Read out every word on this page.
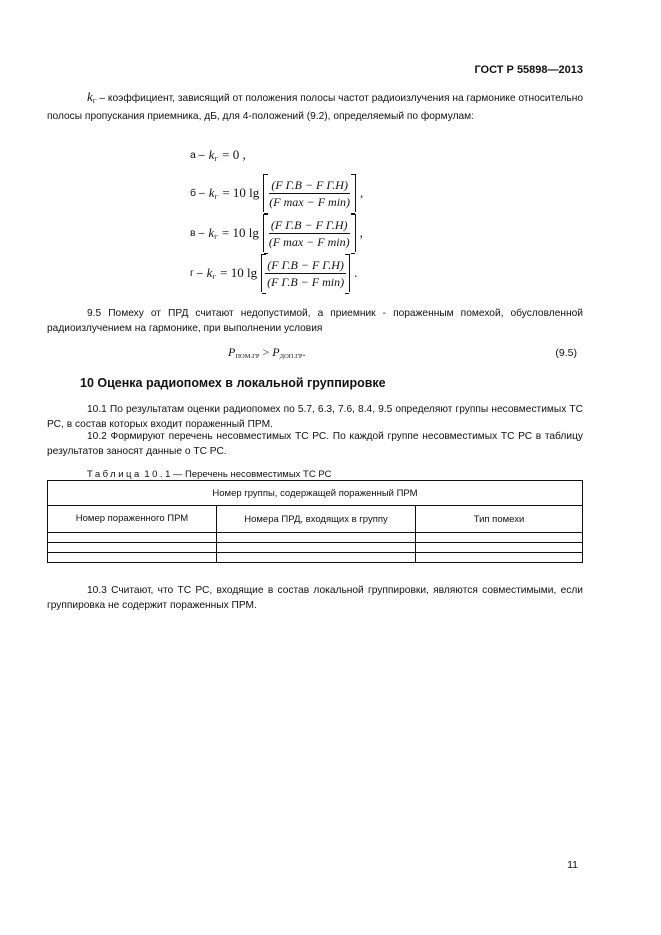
ГОСТ Р 55898—2013
$k_Г$ – коэффициент, зависящий от положения полосы частот радиоизлучения на гармонике относительно полосы пропускания приемника, дБ, для 4-положений (9.2), определяемый по формулам:
$а - k_Г = 0$ ,
$б - k_Г = 10$ $\lg \frac{\text{(F Г.В − F Г.Н)}}{\text{(F max − F min)}}$ ,
$в - k_Г = 10$ $\lg \frac{\text{(F Г.В − F Г.Н)}}{\text{(F max − F min)}}$ ,
$г - k_Г = 10$ $\lg \frac{\text{(F Г.В − F Г.Н)}}{\text{(F Г.В − F min)}}$ .
9.5 Помеху от ПРД считают недопустимой, а приемник - пораженным помехой, обусловленной радиоизлучением на гармонике, при выполнении условия
$P_{ПОМ.ГР} > P_{ДОП.ГР}$.	(9.5)
10 Оценка радиопомех в локальной группировке
10.1 По результатам оценки радиопомех по 5.7, 6.3, 7.6, 8.4, 9.5 определяют группы несовместимых ТС РС, в состав которых входит пораженный ПРМ.
10.2 Формируют перечень несовместимых ТС РС. По каждой группе несовместимых ТС РС в таблицу результатов заносят данные о ТС РС.
Таблица 10.1— Перечень несовместимых ТС РС
Номер группы, содержащей пораженный ПРМ		
Номер пораженного ПРМ	Номера ПРД, входящих в группу	Тип помехи

10.3 Считают, что ТС РС, входящие в состав локальной группировки, являются совместимыми, если группировка не содержит пораженных ПРМ.
11
